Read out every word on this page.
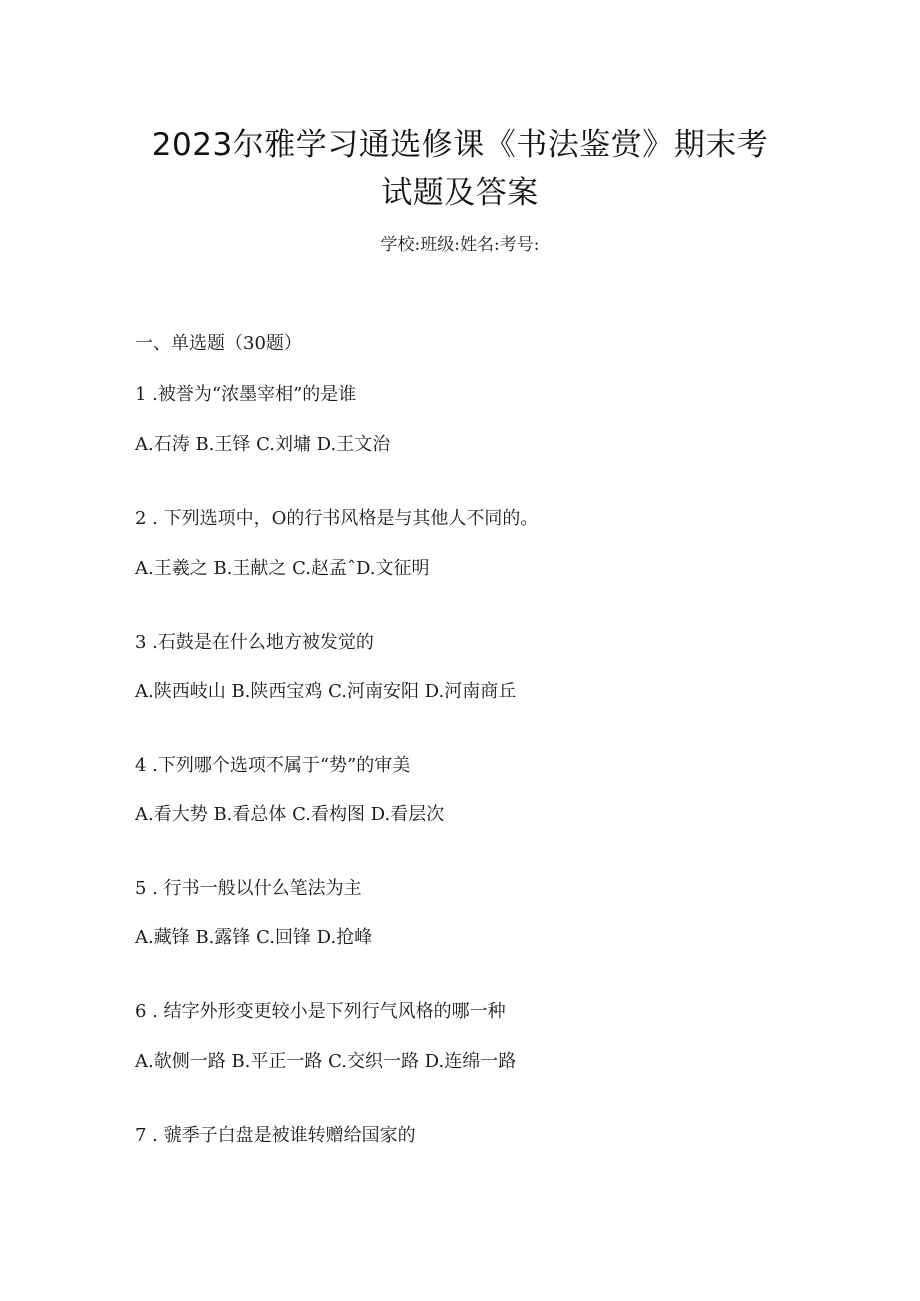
2023尔雅学习通选修课《书法鉴赏》期末考
试题及答案
学校:班级:姓名:考号:
一、单选题（30题）
1 .被誉为“浓墨宰相”的是谁
A.石涛 B.王铎 C.刘墉 D.王文治
2 . 下列选项中，O的行书风格是与其他人不同的。
A.王羲之 B.王献之 C.赵孟ˆD.文征明
3 .石鼓是在什么地方被发觉的
A.陕西岐山 B.陕西宝鸡 C.河南安阳 D.河南商丘
4 .下列哪个选项不属于“势”的审美
A.看大势 B.看总体 C.看构图 D.看层次
5 . 行书一般以什么笔法为主
A.藏锋 B.露锋 C.回锋 D.抢峰
6 . 结字外形变更较小是下列行气风格的哪一种
A.欹侧一路 B.平正一路 C.交织一路 D.连绵一路
7 . 虢季子白盘是被谁转赠给国家的
